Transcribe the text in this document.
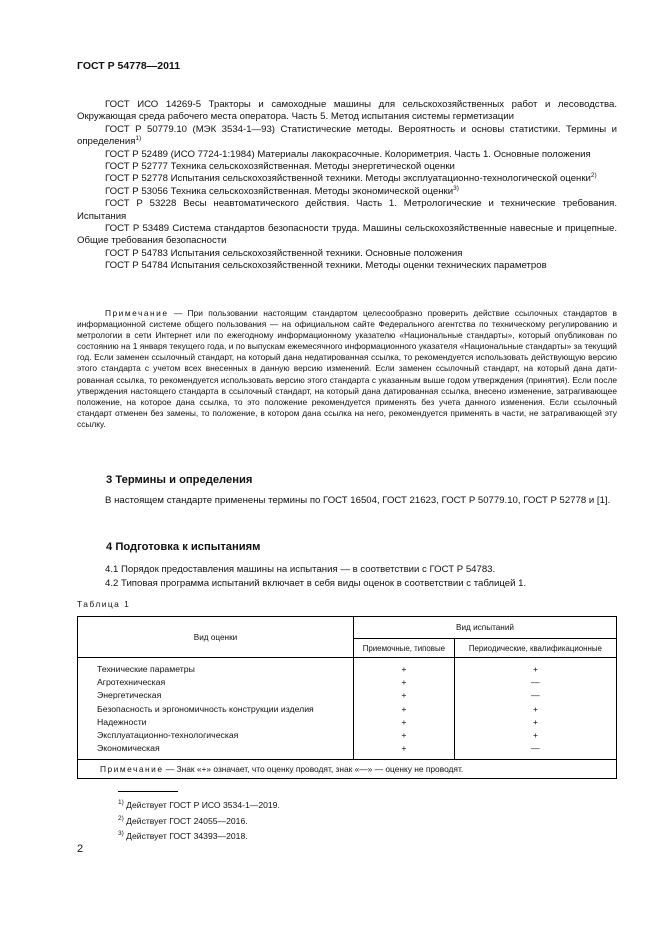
ГОСТ Р 54778—2011

ГОСТ ИСО 14269-5 Тракторы и самоходные машины для сельскохозяйственных работ и лесоводства. Окружающая среда рабочего места оператора. Часть 5. Метод испытания системы герметизации

ГОСТ Р 50779.10 (МЭК 3534-1—93) Статистические методы. Вероятность и основы статистики. Термины и определения$^{1)}$

ГОСТ Р 52489 (ИСО 7724-1:1984) Материалы лакокрасочные. Колориметрия. Часть 1. Основные положения

ГОСТ Р 52777 Техника сельскохозяйственная. Методы энергетической оценки

ГОСТ Р 52778 Испытания сельскохозяйственной техники. Методы эксплуатационно-технологической оценки$^{2)}$

ГОСТ Р 53056 Техника сельскохозяйственная. Методы экономической оценки$^{3)}$

ГОСТ Р 53228 Весы неавтоматического действия. Часть 1. Метрологические и технические требования. Испытания

ГОСТ Р 53489 Система стандартов безопасности труда. Машины сельскохозяйственные навесные и прицепные. Общие требования безопасности

ГОСТ Р 54783 Испытания сельскохозяйственной техники. Основные положения

ГОСТ Р 54784 Испытания сельскохозяйственной техники. Методы оценки технических параметров

Примечание — При пользовании настоящим стандартом целесообразно проверить действие ссылочных стандартов в информационной системе общего пользования — на официальном сайте Федерального агентства по техническому регулированию и метрологии в сети Интернет или по ежегодному информационному указателю «Национальные стандарты», который опубликован по состоянию на 1 января текущего года, и по выпускам ежемесячного информационного указателя «Национальные стандарты» за текущий год. Если заменен ссылочный стандарт, на который дана недатированная ссылка, то рекомендуется использовать действующую версию этого стандарта с учетом всех внесенных в данную версию изменений. Если заменен ссылочный стандарт, на который дана датированная ссылка, то рекомендуется использовать версию этого стандарта с указанным выше годом утверждения (принятия). Если после утверждения настоящего стандарта в ссылочный стандарт, на который дана датированная ссылка, внесено изменение, затрагивающее положение, на которое дана ссылка, то это положение рекомендуется применять без учета данного изменения. Если ссылочный стандарт отменен без замены, то положение, в котором дана ссылка на него, рекомендуется применять в части, не затрагивающей эту ссылку.

3 Термины и определения

В настоящем стандарте применены термины по ГОСТ 16504, ГОСТ 21623, ГОСТ Р 50779.10, ГОСТ Р 52778 и [1].

4 Подготовка к испытаниям

4.1 Порядок предоставления машины на испытания — в соответствии с ГОСТ Р 54783.

4.2 Типовая программа испытаний включает в себя виды оценок в соответствии с таблицей 1.

Таблица 1

Вид оценки	Вид испытаний	
	Приемочные, типовые	Периодические, квалификационные
Технические параметры	+	+
Агротехническая	+	—
Энергетическая	+	—
Безопасность и эргономичность конструкции изделия	+	+
Надежности	+	+
Эксплуатационно-технологическая	+	+
Экономическая	+	—
Примечание — Знак «+» означает, что оценку проводят, знак «—» — оценку не проводят.		

$^{1)}$ Действует ГОСТ Р ИСО 3534-1—2019.

$^{2)}$ Действует ГОСТ 24055—2016.

$^{3)}$ Действует ГОСТ 34393—2018.

2
